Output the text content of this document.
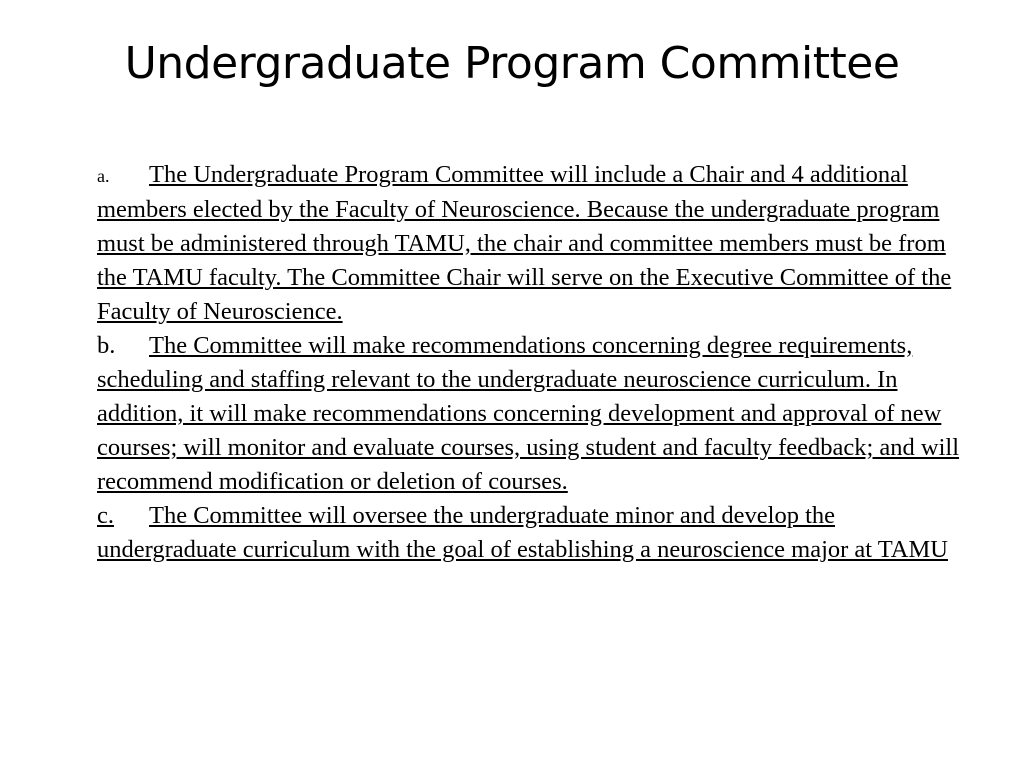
Undergraduate Program Committee

a. The Undergraduate Program Committee will include a Chair and 4 additional members elected by the Faculty of Neuroscience. Because the undergraduate program must be administered through TAMU, the chair and committee members must be from the TAMU faculty. The Committee Chair will serve on the Executive Committee of the Faculty of Neuroscience.

b. The Committee will make recommendations concerning degree requirements, scheduling and staffing relevant to the undergraduate neuroscience curriculum. In addition, it will make recommendations concerning development and approval of new courses; will monitor and evaluate courses, using student and faculty feedback; and will recommend modification or deletion of courses.

c. The Committee will oversee the undergraduate minor and develop the undergraduate curriculum with the goal of establishing a neuroscience major at TAMU
